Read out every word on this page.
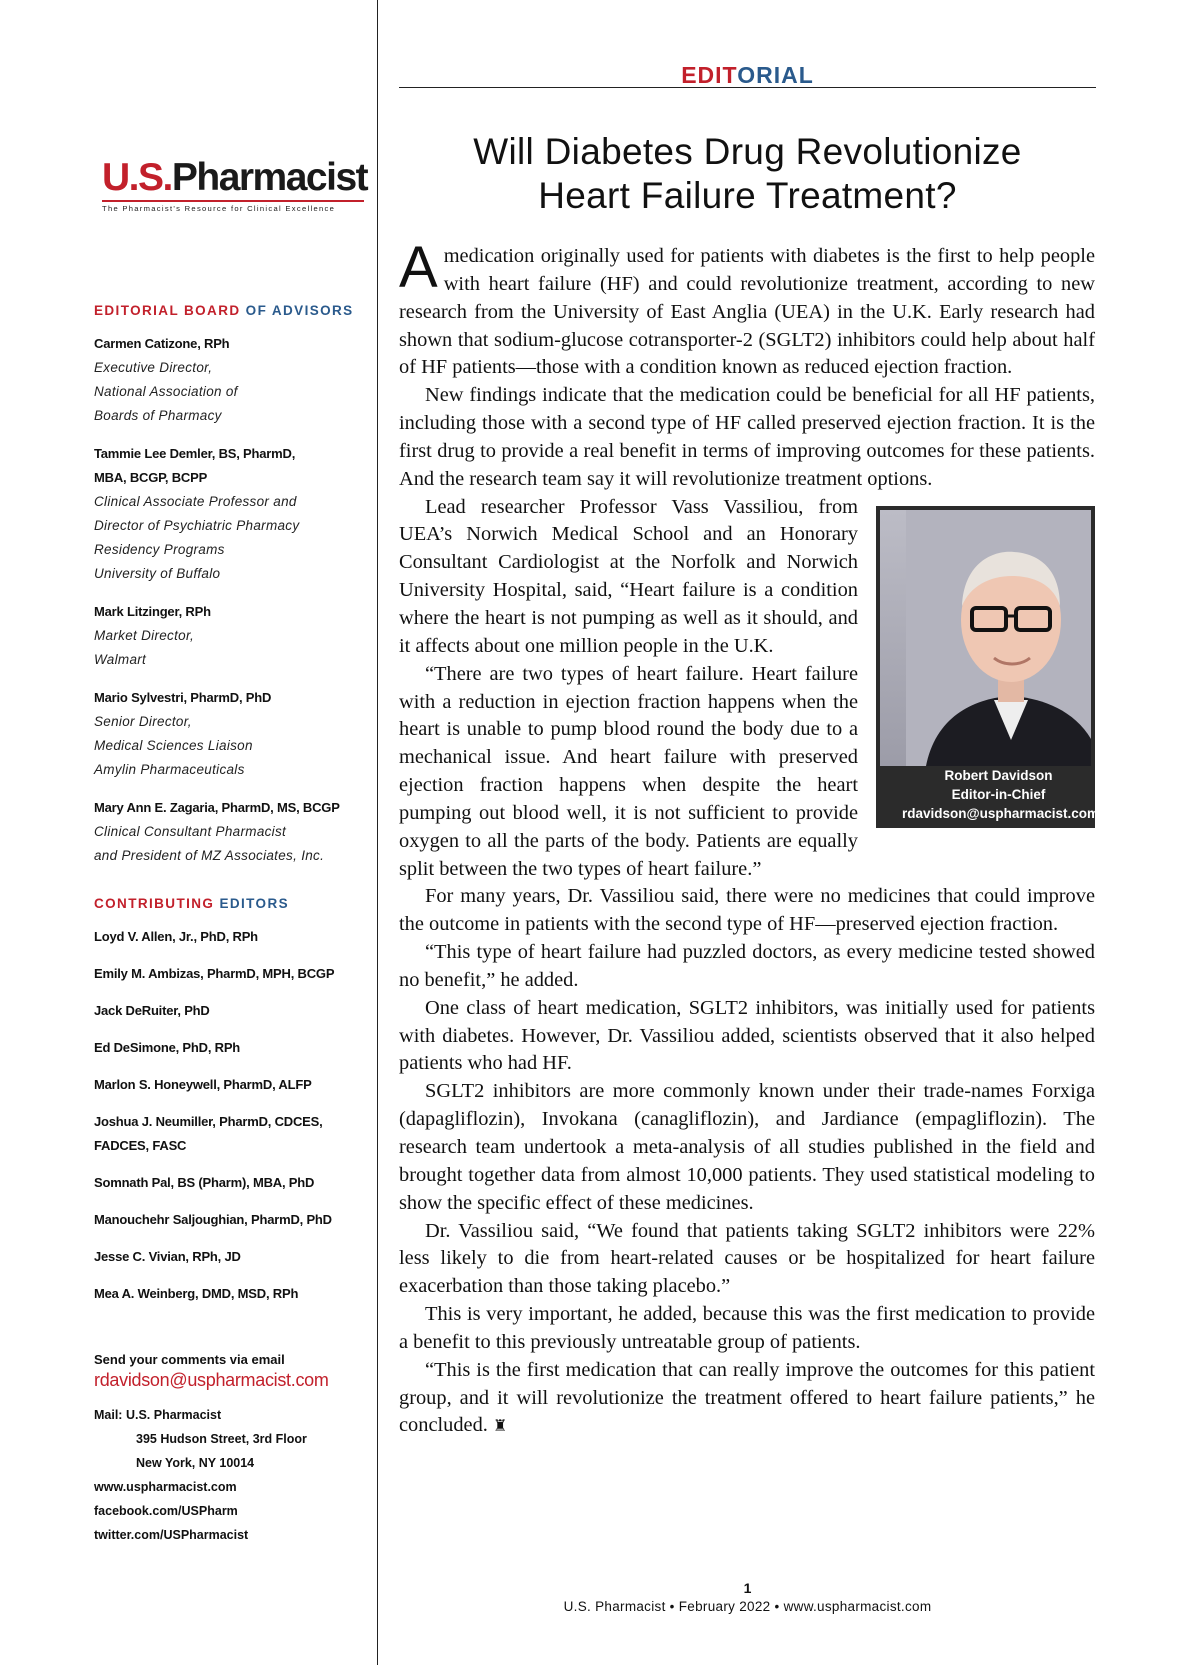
U.S.Pharmacist
The Pharmacist's Resource for Clinical Excellence
EDITORIAL BOARD OF ADVISORS
Carmen Catizone, RPh
Executive Director,
National Association of
Boards of Pharmacy
Tammie Lee Demler, BS, PharmD,
MBA, BCGP, BCPP
Clinical Associate Professor and
Director of Psychiatric Pharmacy
Residency Programs
University of Buffalo
Mark Litzinger, RPh
Market Director,
Walmart
Mario Sylvestri, PharmD, PhD
Senior Director,
Medical Sciences Liaison
Amylin Pharmaceuticals
Mary Ann E. Zagaria, PharmD, MS, BCGP
Clinical Consultant Pharmacist
and President of MZ Associates, Inc.
CONTRIBUTING EDITORS
Loyd V. Allen, Jr., PhD, RPh
Emily M. Ambizas, PharmD, MPH, BCGP
Jack DeRuiter, PhD
Ed DeSimone, PhD, RPh
Marlon S. Honeywell, PharmD, ALFP
Joshua J. Neumiller, PharmD, CDCES,
FADCES, FASC
Somnath Pal, BS (Pharm), MBA, PhD
Manouchehr Saljoughian, PharmD, PhD
Jesse C. Vivian, RPh, JD
Mea A. Weinberg, DMD, MSD, RPh
Send your comments via email
rdavidson@uspharmacist.com
Mail: U.S. Pharmacist
395 Hudson Street, 3rd Floor
New York, NY 10014
www.uspharmacist.com
facebook.com/USPharm
twitter.com/USPharmacist
EDITORIAL
Will Diabetes Drug Revolutionize
Heart Failure Treatment?

Amedication originally used for patients with diabetes is the first to help people with heart failure (HF) and could revolutionize treatment, according to new research from the University of East Anglia (UEA) in the U.K. Early research had shown that sodium-glucose cotransporter-2 (SGLT2) inhibitors could help about half of HF patients—those with a condition known as reduced ejection fraction.

New findings indicate that the medication could be beneficial for all HF patients, including those with a second type of HF called preserved ejection fraction. It is the first drug to provide a real benefit in terms of improving outcomes for these patients. And the research team say it will revolutionize treatment options.

Robert Davidson
Editor-in-Chief
rdavidson@uspharmacist.com
Lead researcher Professor Vass Vassiliou, from UEA’s Norwich Medical School and an Honorary Consultant Cardiologist at the Norfolk and Norwich University Hospital, said, “Heart failure is a condition where the heart is not pumping as well as it should, and it affects about one million people in the U.K.

“There are two types of heart failure. Heart failure with a reduction in ejection fraction happens when the heart is unable to pump blood round the body due to a mechanical issue. And heart failure with preserved ejection fraction happens when despite the heart pumping out blood well, it is not sufficient to provide oxygen to all the parts of the body. Patients are equally split between the two types of heart failure.”

For many years, Dr. Vassiliou said, there were no medicines that could improve the outcome in patients with the second type of HF—preserved ejection fraction.

“This type of heart failure had puzzled doctors, as every medicine tested showed no benefit,” he added.

One class of heart medication, SGLT2 inhibitors, was initially used for patients with diabetes. However, Dr. Vassiliou added, scientists observed that it also helped patients who had HF.

SGLT2 inhibitors are more commonly known under their trade-names Forxiga (dapagliflozin), Invokana (canagliflozin), and Jardiance (empagliflozin). The research team undertook a meta-analysis of all studies published in the field and brought together data from almost 10,000 patients. They used statistical modeling to show the specific effect of these medicines.

Dr. Vassiliou said, “We found that patients taking SGLT2 inhibitors were 22% less likely to die from heart-related causes or be hospitalized for heart failure exacerbation than those taking placebo.”

This is very important, he added, because this was the first medication to provide a benefit to this previously untreatable group of patients.

“This is the first medication that can really improve the outcomes for this patient group, and it will revolutionize the treatment offered to heart failure patients,” he concluded. ♜

1
U.S. Pharmacist • February 2022 • www.uspharmacist.com
